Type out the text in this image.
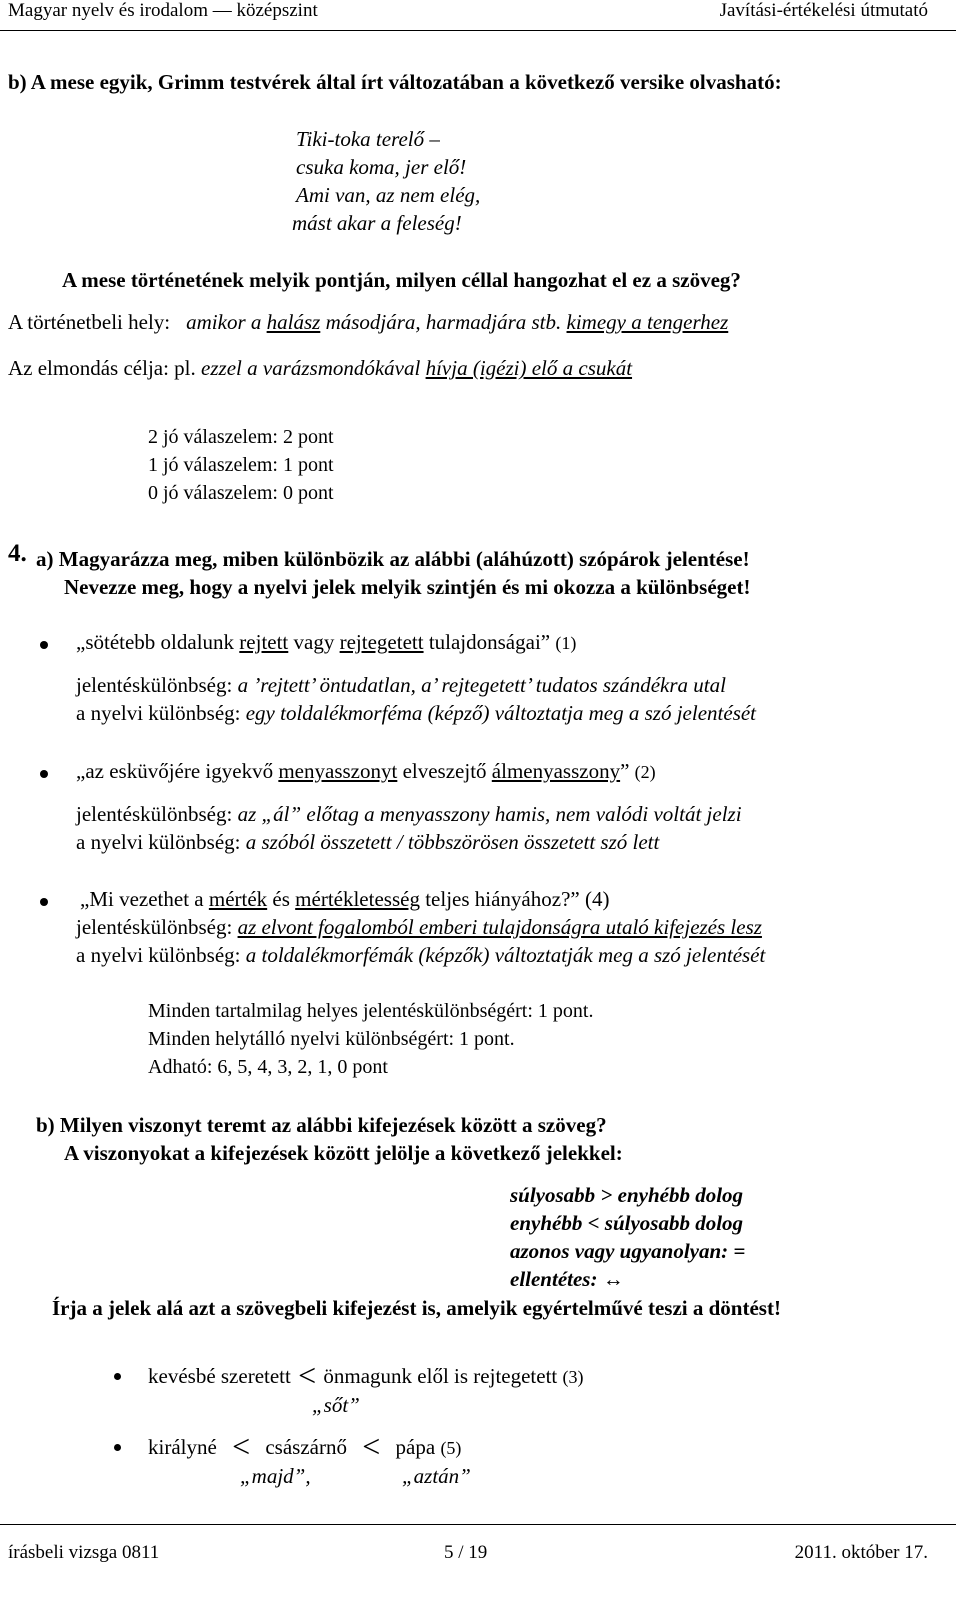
Magyar nyelv és irodalom — középszint	Javítási-értékelési útmutató
b) A mese egyik, Grimm testvérek által írt változatában a következő versike olvasható:
Tiki-toka terelő –
csuka koma, jer elő!
Ami van, az nem elég,
mást akar a feleség!
A mese történetének melyik pontján, milyen céllal hangozhat el ez a szöveg?
A történetbeli hely: amikor a halász másodjára, harmadjára stb. kimegy a tengerhez
Az elmondás célja: pl. ezzel a varázsmondókával hívja (igézi) elő a csukát
2 jó válaszelem: 2 pont
1 jó válaszelem: 1 pont
0 jó válaszelem: 0 pont
4. a) Magyarázza meg, miben különbözik az alábbi (aláhúzott) szópárok jelentése!
Nevezze meg, hogy a nyelvi jelek melyik szintjén és mi okozza a különbséget!
„sötétebb oldalunk rejtett vagy rejtegetett tulajdonságai” (1)
jelentéskülönbség: a ’rejtett’ öntudatlan, a’ rejtegetett’ tudatos szándékra utal
a nyelvi különbség: egy toldalékmorféma (képző) változtatja meg a szó jelentését
„az esküvőjére igyekvő menyasszonyt elveszejtő álmenyasszony” (2)
jelentéskülönbség: az „ál” előtag a menyasszony hamis, nem valódi voltát jelzi
a nyelvi különbség: a szóból összetett / többszörösen összetett szó lett
„Mi vezethet a mérték és mértékletesség teljes hiányához?” (4)
jelentéskülönbség: az elvont fogalomból emberi tulajdonságra utaló kifejezés lesz
a nyelvi különbség: a toldalékmorfémák (képzők) változtatják meg a szó jelentését
Minden tartalmilag helyes jelentéskülönbségért: 1 pont.
Minden helytálló nyelvi különbségért: 1 pont.
Adható: 6, 5, 4, 3, 2, 1, 0 pont
b) Milyen viszonyt teremt az alábbi kifejezések között a szöveg?
A viszonyokat a kifejezések között jelölje a következő jelekkel:
súlyosabb > enyhébb dolog
enyhébb < súlyosabb dolog
azonos vagy ugyanolyan: =
ellentétes: ↔
Írja a jelek alá azt a szövegbeli kifejezést is, amelyik egyértelművé teszi a döntést!
kevésbé szeretett < önmagunk elől is rejtegetett (3)
„sőt”
királyné < császárnő < pápa (5)
„majd”,	„aztán”
írásbeli vizsga 0811	5 / 19	2011. október 17.
